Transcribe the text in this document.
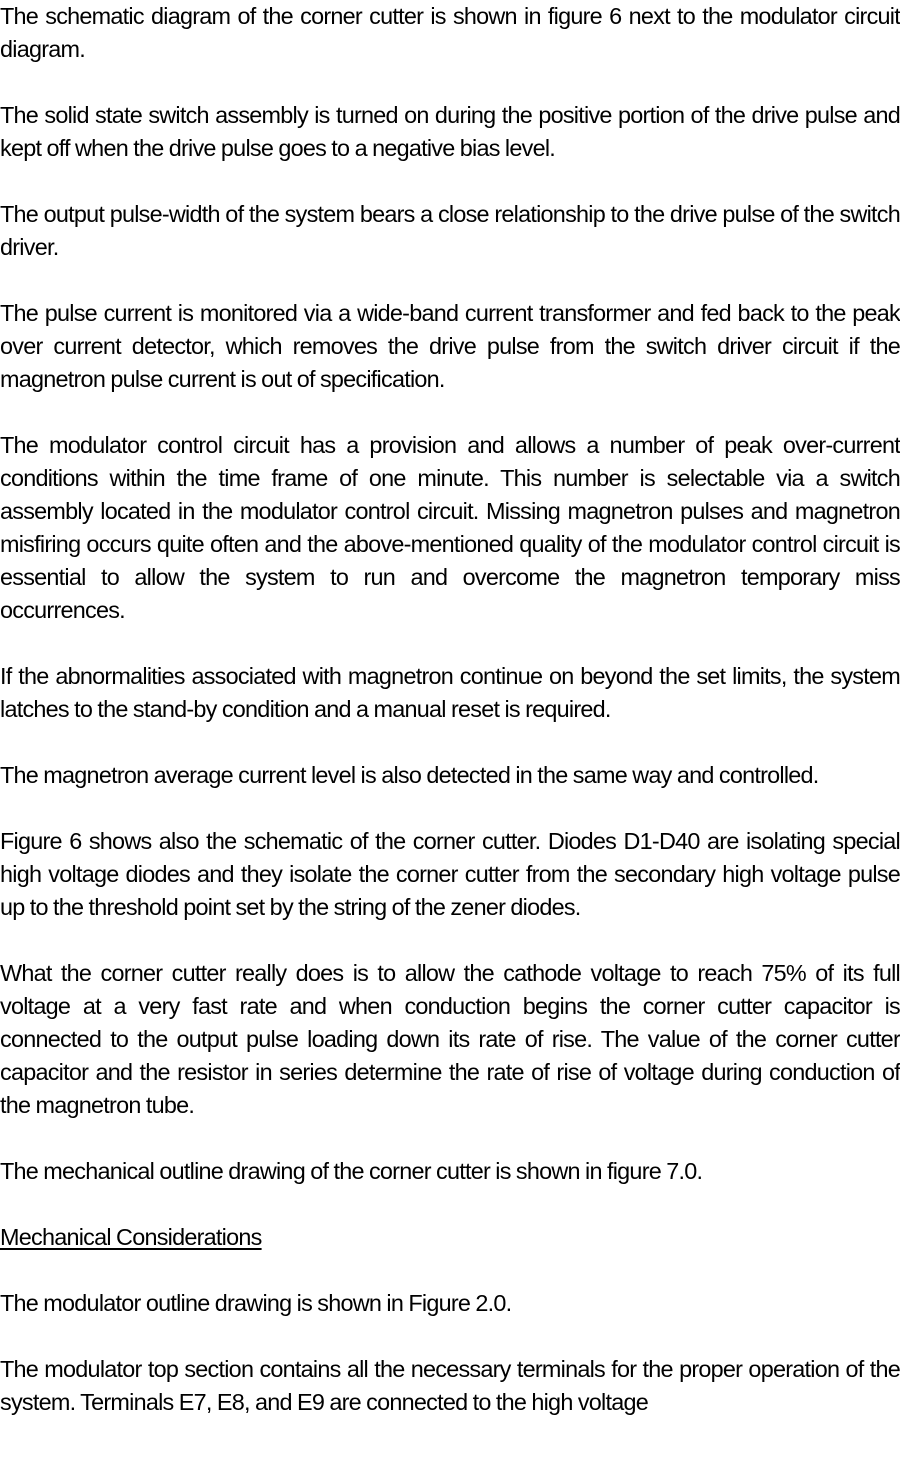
The schematic diagram of the corner cutter is shown in figure 6 next to the modulator circuit diagram.

The solid state switch assembly is turned on during the positive portion of the drive pulse and kept off when the drive pulse goes to a negative bias level.

The output pulse-width of the system bears a close relationship to the drive pulse of the switch driver.

The pulse current is monitored via a wide-band current transformer and fed back to the peak over current detector, which removes the drive pulse from the switch driver circuit if the magnetron pulse current is out of specification.

The modulator control circuit has a provision and allows a number of peak over-current conditions within the time frame of one minute. This number is selectable via a switch assembly located in the modulator control circuit. Missing magnetron pulses and magnetron misfiring occurs quite often and the above-mentioned quality of the modulator control circuit is essential to allow the system to run and overcome the magnetron temporary miss occurrences.

If the abnormalities associated with magnetron continue on beyond the set limits, the system latches to the stand-by condition and a manual reset is required.

The magnetron average current level is also detected in the same way and controlled.

Figure 6 shows also the schematic of the corner cutter. Diodes D1-D40 are isolating special high voltage diodes and they isolate the corner cutter from the secondary high voltage pulse up to the threshold point set by the string of the zener diodes.

What the corner cutter really does is to allow the cathode voltage to reach 75% of its full voltage at a very fast rate and when conduction begins the corner cutter capacitor is connected to the output pulse loading down its rate of rise. The value of the corner cutter capacitor and the resistor in series determine the rate of rise of voltage during conduction of the magnetron tube.

The mechanical outline drawing of the corner cutter is shown in figure 7.0.

Mechanical Considerations

The modulator outline drawing is shown in Figure 2.0.

The modulator top section contains all the necessary terminals for the proper operation of the system. Terminals E7, E8, and E9 are connected to the high voltage
